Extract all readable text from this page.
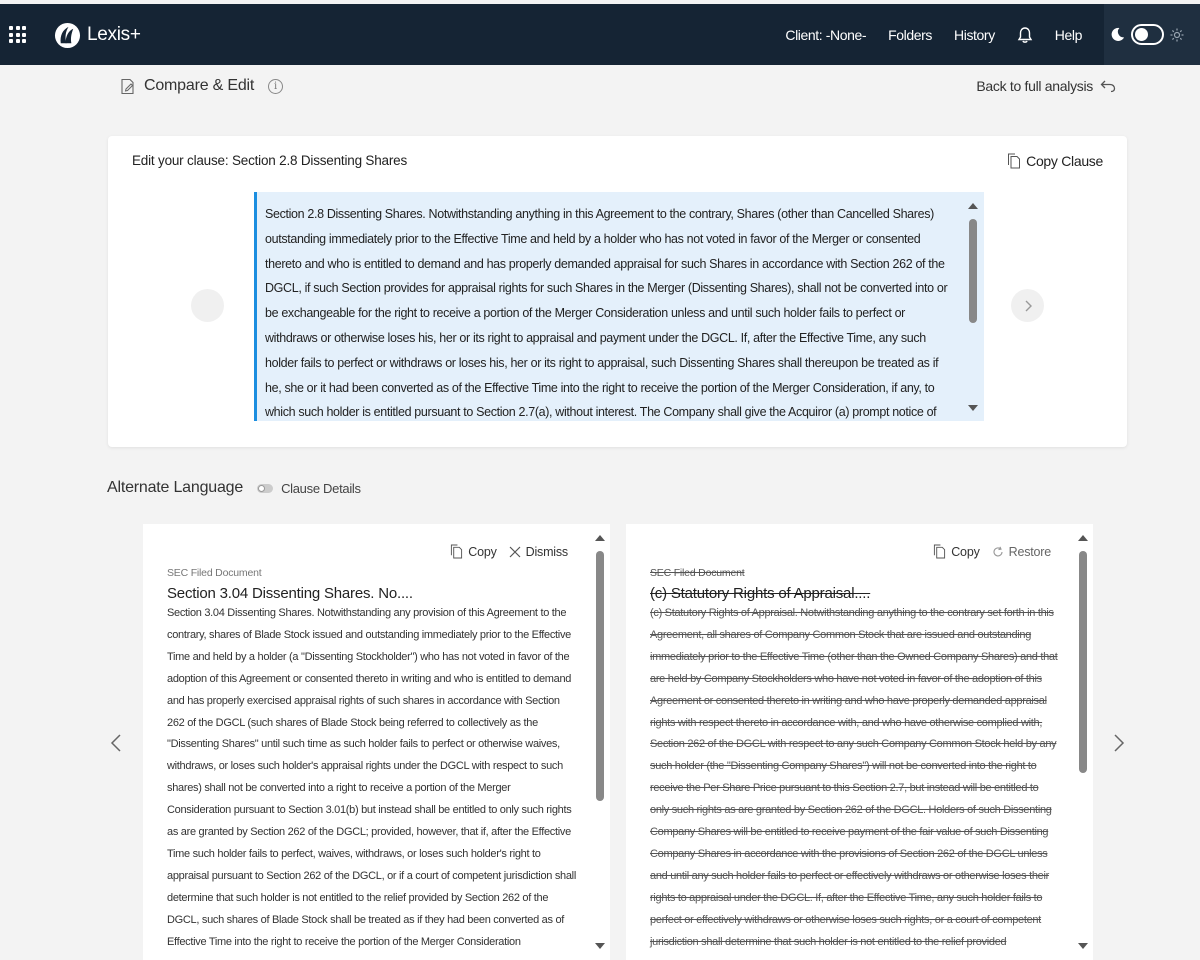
Lexis+	Client: -None- Folders History	Help
Compare & Edit	i	Back to full analysis
Edit your clause: Section 2.8 Dissenting Shares	Copy Clause
Section 2.8 Dissenting Shares. Notwithstanding anything in this Agreement to the contrary, Shares (other than Cancelled Shares) outstanding immediately prior to the Effective Time and held by a holder who has not voted in favor of the Merger or consented thereto and who is entitled to demand and has properly demanded appraisal for such Shares in accordance with Section 262 of the DGCL, if such Section provides for appraisal rights for such Shares in the Merger (Dissenting Shares), shall not be converted into or be exchangeable for the right to receive a portion of the Merger Consideration unless and until such holder fails to perfect or withdraws or otherwise loses his, her or its right to appraisal and payment under the DGCL. If, after the Effective Time, any such holder fails to perfect or withdraws or loses his, her or its right to appraisal, such Dissenting Shares shall thereupon be treated as if he, she or it had been converted as of the Effective Time into the right to receive the portion of the Merger Consideration, if any, to which such holder is entitled pursuant to Section 2.7(a), without interest. The Company shall give the Acquiror (a) prompt notice of
Alternate Language	Clause Details
Copy Dismiss
SEC Filed Document
Section 3.04 Dissenting Shares. No....
Section 3.04 Dissenting Shares. Notwithstanding any provision of this Agreement to the contrary, shares of Blade Stock issued and outstanding immediately prior to the Effective Time and held by a holder (a "Dissenting Stockholder") who has not voted in favor of the adoption of this Agreement or consented thereto in writing and who is entitled to demand and has properly exercised appraisal rights of such shares in accordance with Section 262 of the DGCL (such shares of Blade Stock being referred to collectively as the "Dissenting Shares" until such time as such holder fails to perfect or otherwise waives, withdraws, or loses such holder's appraisal rights under the DGCL with respect to such shares) shall not be converted into a right to receive a portion of the Merger Consideration pursuant to Section 3.01(b) but instead shall be entitled to only such rights as are granted by Section 262 of the DGCL; provided, however, that if, after the Effective Time such holder fails to perfect, waives, withdraws, or loses such holder's right to appraisal pursuant to Section 262 of the DGCL, or if a court of competent jurisdiction shall determine that such holder is not entitled to the relief provided by Section 262 of the DGCL, such shares of Blade Stock shall be treated as if they had been converted as of Effective Time into the right to receive the portion of the Merger Consideration
Copy Restore
SEC Filed Document
(c) Statutory Rights of Appraisal....
(c) Statutory Rights of Appraisal. Notwithstanding anything to the contrary set forth in this Agreement, all shares of Company Common Stock that are issued and outstanding immediately prior to the Effective Time (other than the Owned Company Shares) and that are held by Company Stockholders who have not voted in favor of the adoption of this Agreement or consented thereto in writing and who have properly demanded appraisal rights with respect thereto in accordance with, and who have otherwise complied with, Section 262 of the DGCL with respect to any such Company Common Stock held by any such holder (the "Dissenting Company Shares") will not be converted into the right to receive the Per Share Price pursuant to this Section 2.7, but instead will be entitled to only such rights as are granted by Section 262 of the DGCL. Holders of such Dissenting Company Shares will be entitled to receive payment of the fair value of such Dissenting Company Shares in accordance with the provisions of Section 262 of the DGCL unless and until any such holder fails to perfect or effectively withdraws or otherwise loses their rights to appraisal under the DGCL. If, after the Effective Time, any such holder fails to perfect or effectively withdraws or otherwise loses such rights, or a court of competent jurisdiction shall determine that such holder is not entitled to the relief provided
